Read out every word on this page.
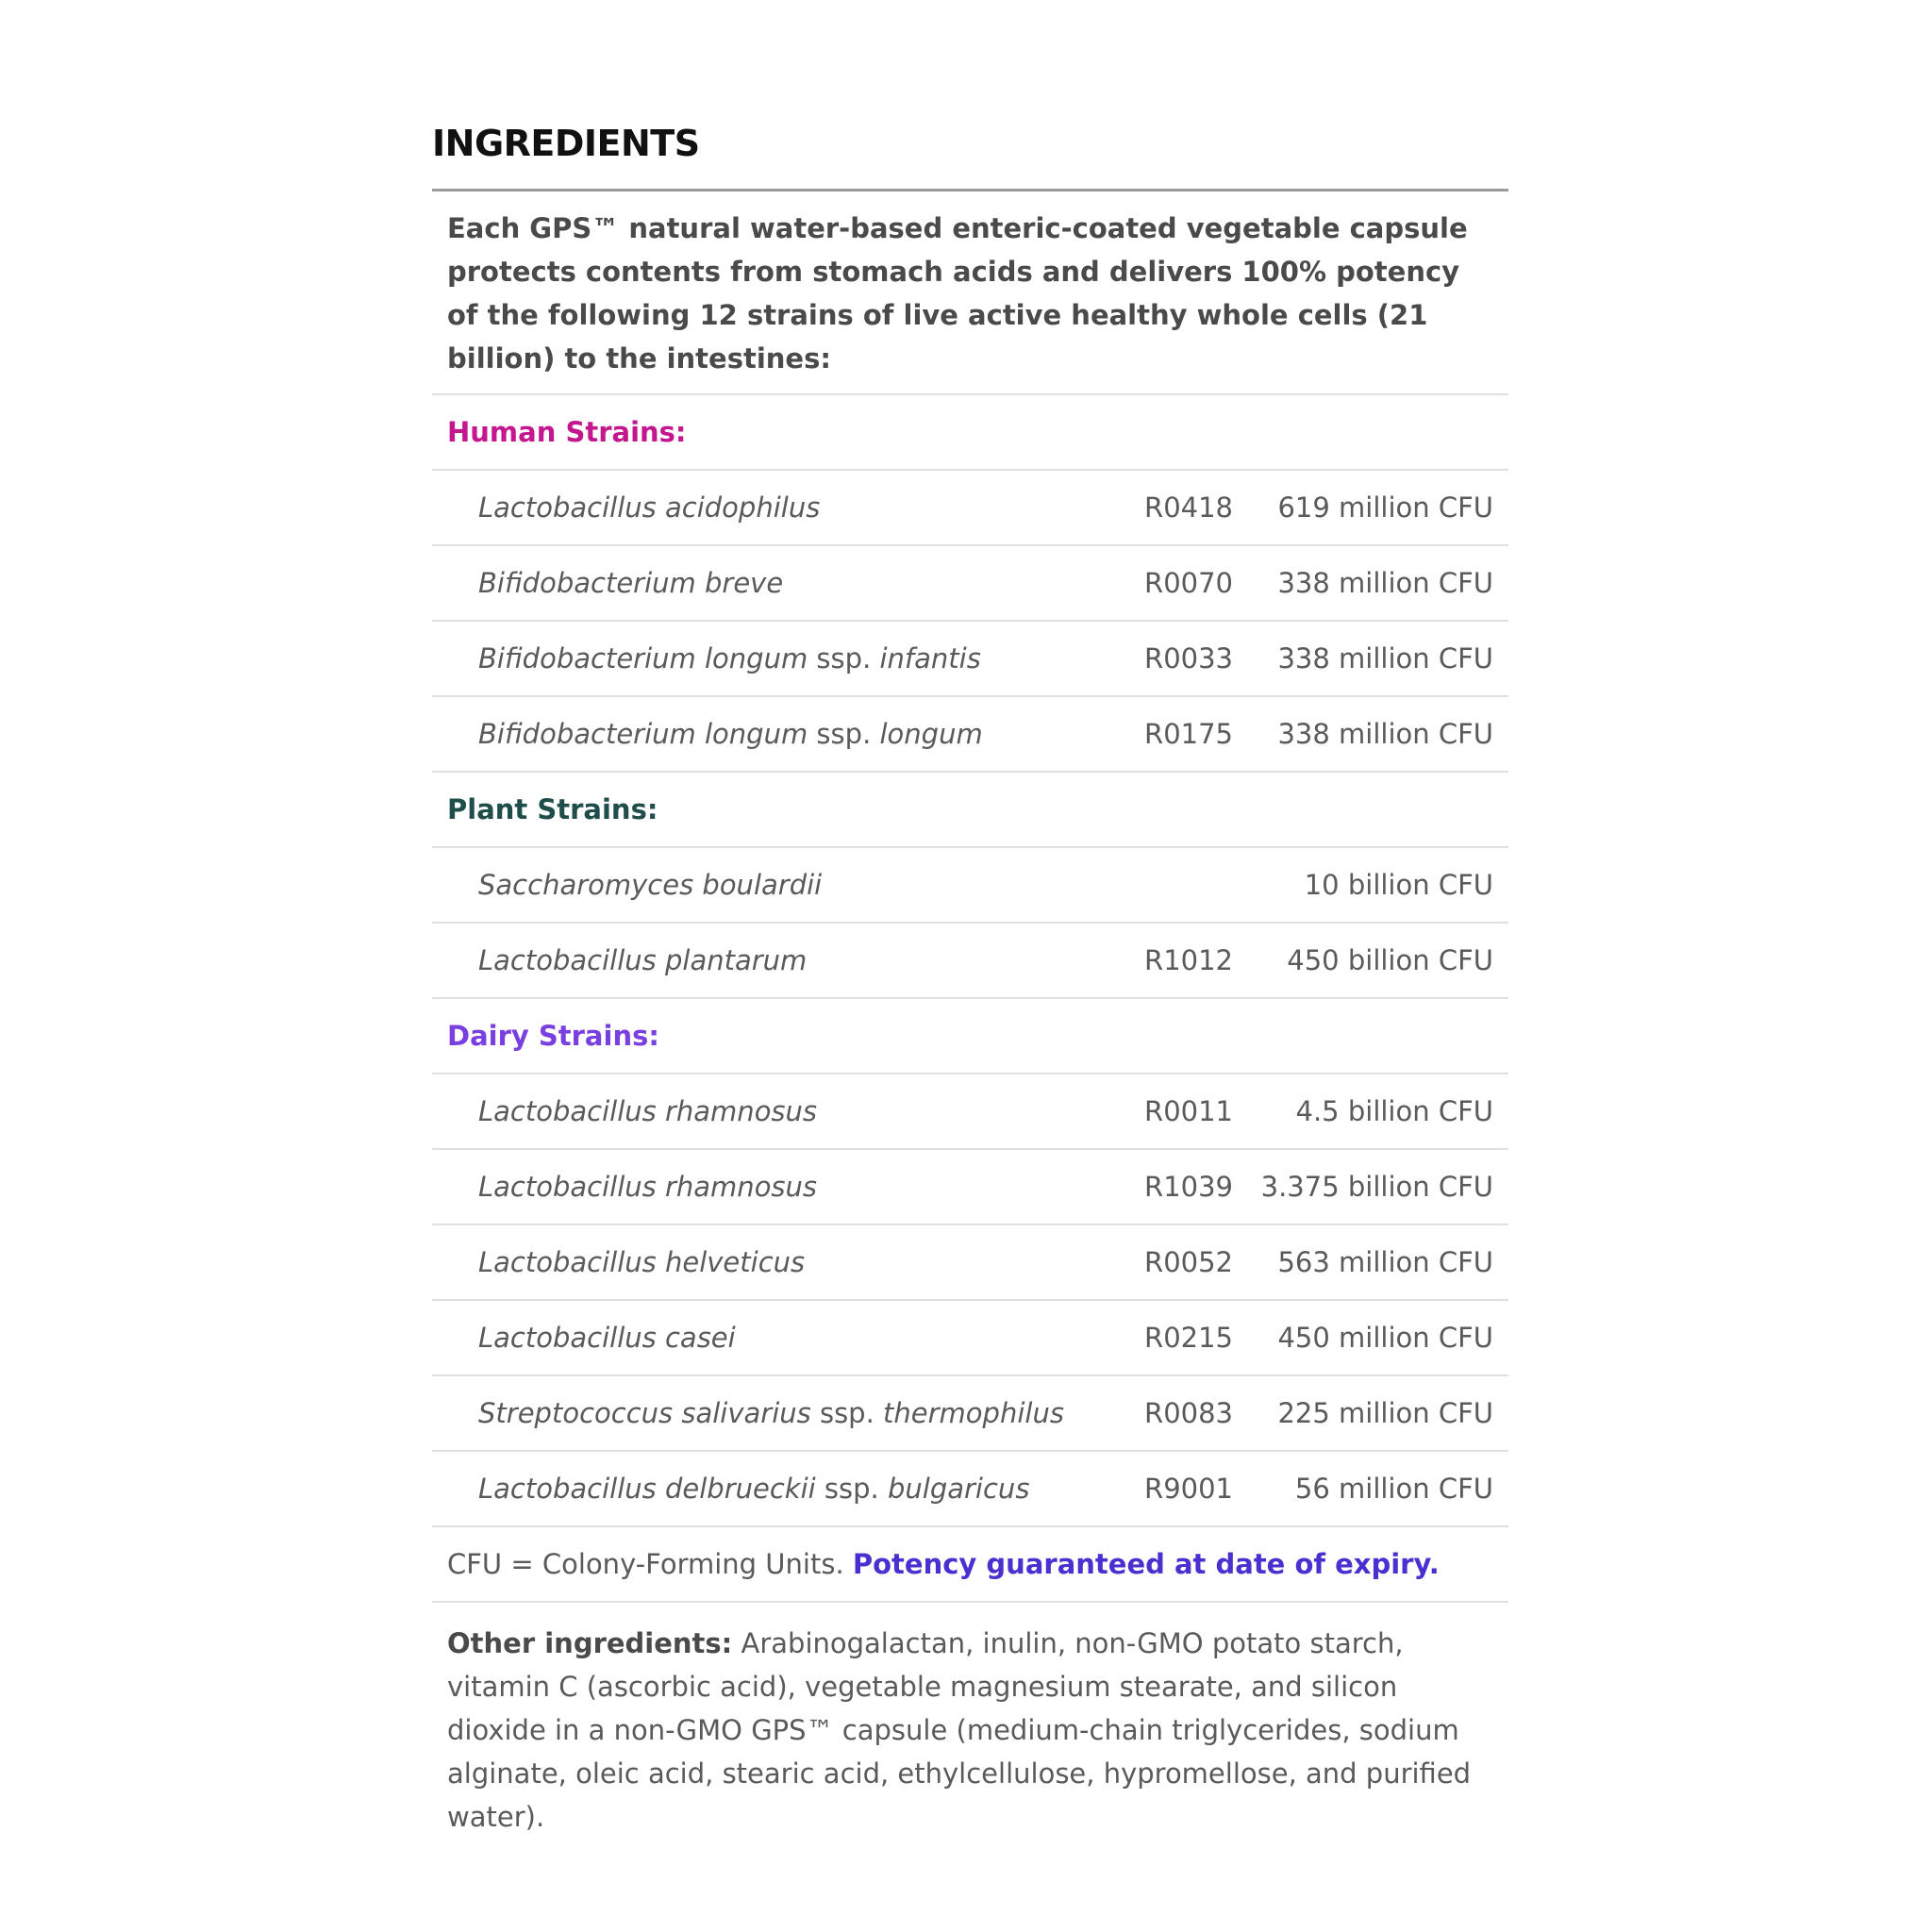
INGREDIENTS
Each GPS™ natural water-based enteric-coated vegetable capsule protects contents from stomach acids and delivers 100% potency of the following 12 strains of live active healthy whole cells (21 billion) to the intestines:
Human Strains:
Lactobacillus acidophilus	R0418	619 million CFU
Bifidobacterium breve	R0070	338 million CFU
Bifidobacterium longum ssp. infantis	R0033	338 million CFU
Bifidobacterium longum ssp. longum	R0175	338 million CFU
Plant Strains:
Saccharomyces boulardii	10 billion CFU
Lactobacillus plantarum	R1012	450 billion CFU
Dairy Strains:
Lactobacillus rhamnosus	R0011	4.5 billion CFU
Lactobacillus rhamnosus	R1039	3.375 billion CFU
Lactobacillus helveticus	R0052	563 million CFU
Lactobacillus casei	R0215	450 million CFU
Streptococcus salivarius ssp. thermophilus	R0083	225 million CFU
Lactobacillus delbrueckii ssp. bulgaricus	R9001	56 million CFU
CFU = Colony-Forming Units. Potency guaranteed at date of expiry.
Other ingredients: Arabinogalactan, inulin, non-GMO potato starch, vitamin C (ascorbic acid), vegetable magnesium stearate, and silicon dioxide in a non-GMO GPS™ capsule (medium-chain triglycerides, sodium alginate, oleic acid, stearic acid, ethylcellulose, hypromellose, and purified water).
